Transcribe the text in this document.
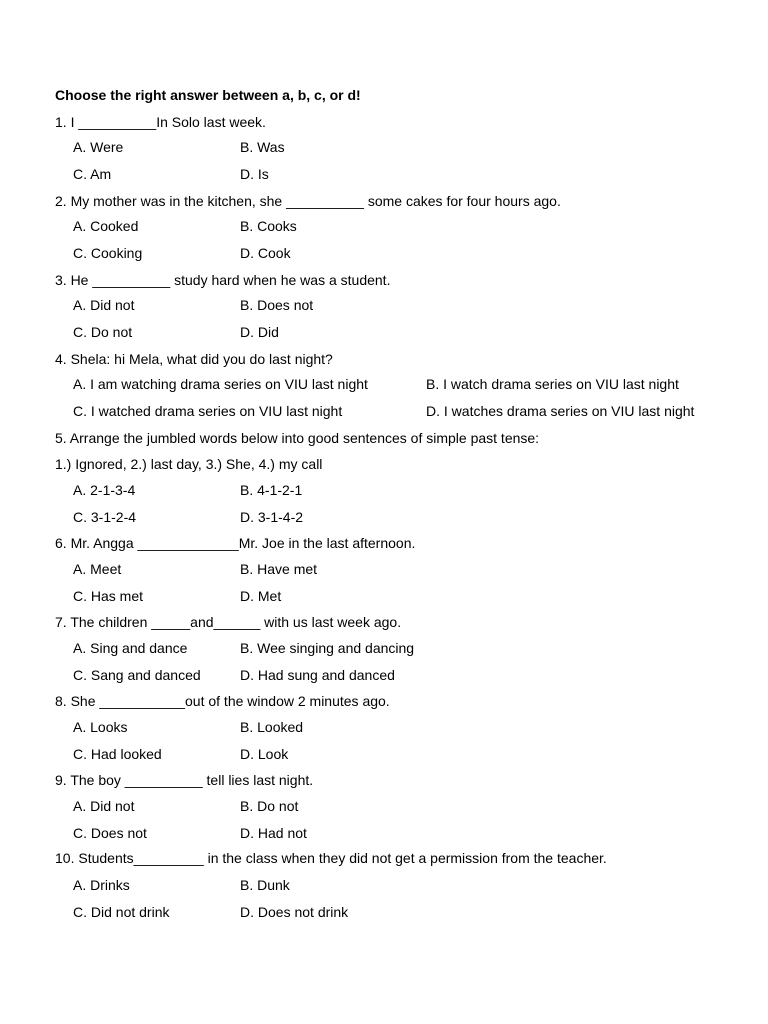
Choose the right answer between a, b, c, or d!
1. I __________In Solo last week.
A. Were	B. Was
C. Am	D. Is
2. My mother was in the kitchen, she __________ some cakes for four hours ago.
A. Cooked	B. Cooks
C. Cooking	D. Cook
3. He __________ study hard when he was a student.
A. Did not	B. Does not
C. Do not	D. Did
4. Shela: hi Mela, what did you do last night?
A. I am watching drama series on VIU last night	B. I watch drama series on VIU last night
C. I watched drama series on VIU last night	D. I watches drama series on VIU last night
5. Arrange the jumbled words below into good sentences of simple past tense:
1.) Ignored, 2.) last day, 3.) She, 4.) my call
A. 2-1-3-4	B. 4-1-2-1
C. 3-1-2-4	D. 3-1-4-2
6. Mr. Angga _____________Mr. Joe in the last afternoon.
A. Meet	B. Have met
C. Has met	D. Met
7. The children _____and______ with us last week ago.
A. Sing and dance	B. Wee singing and dancing
C. Sang and danced	D. Had sung and danced
8. She ___________out of the window 2 minutes ago.
A. Looks	B. Looked
C. Had looked	D. Look
9. The boy __________ tell lies last night.
A. Did not	B. Do not
C. Does not	D. Had not
10. Students_________ in the class when they did not get a permission from the teacher.
A. Drinks	B. Dunk
C. Did not drink	D. Does not drink
